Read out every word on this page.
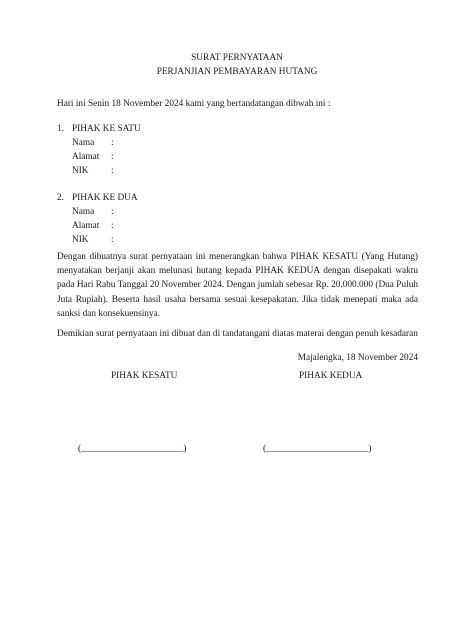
SURAT PERNYATAAN
PERJANJIAN PEMBAYARAN HUTANG
Hari ini Senin 18 November 2024 kami yang bertandatangan dibwah ini :
1. PIHAK KE SATU
Nama :
Alamat :
NIK :
2. PIHAK KE DUA
Nama :
Alamat :
NIK :
Dengan dibuatnya surat pernyataan ini menerangkan bahwa PIHAK KESATU (Yang Hutang) menyatakan berjanji akan melunasi hutang kepada PIHAK KEDUA dengan disepakati waktu pada Hari Rabu Tanggal 20 November 2024. Dengan jumlah sebesar Rp. 20.000.000 (Dua Puluh Juta Rupiah). Beserta hasil usaha bersama sesuai kesepakatan. Jika tidak menepati maka ada sanksi dan konsekuensinya.
Demikian surat pernyataan ini dibuat dan di tandatangani diatas materai dengan penuh kesadaran
Majalengka, 18 November 2024
PIHAK KESATU	PIHAK KEDUA
(______________________)	(______________________)
